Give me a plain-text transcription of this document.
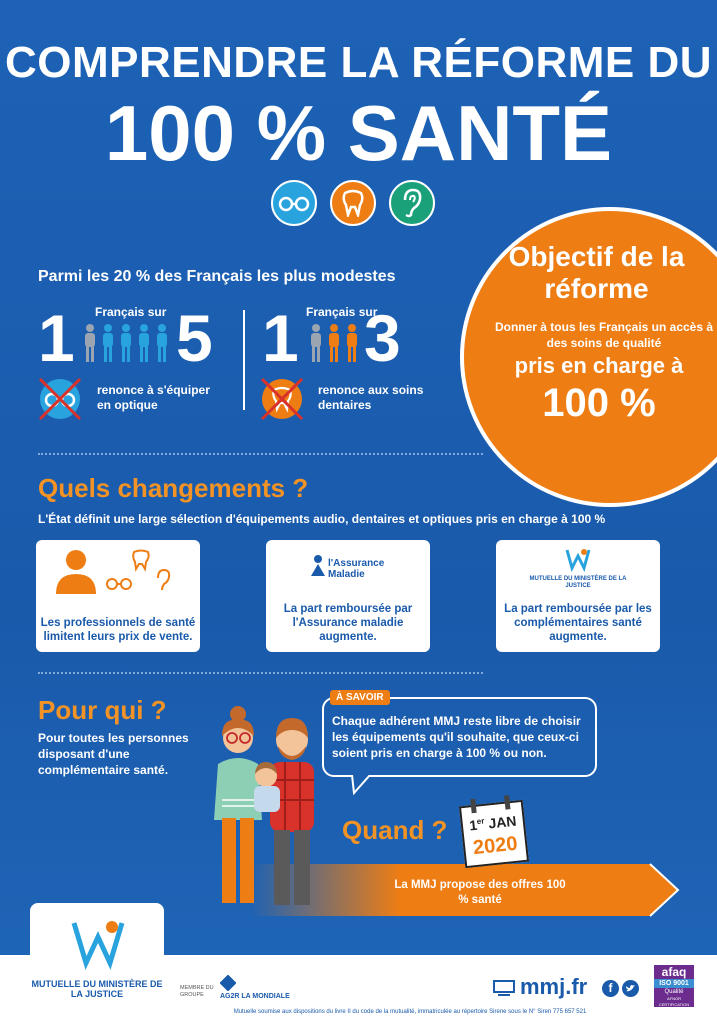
COMPRENDRE LA RÉFORME DU
100 % SANTÉ
Objectif de la réforme
Donner à tous les Français un accès à des soins de qualité
pris en charge à
100 %
Parmi les 20 % des Français les plus modestes
1 Français sur 5
renonce à s'équiper en optique
1 Français sur
3
renonce aux soins dentaires
Quels changements ?
L'État définit une large sélection d'équipements audio, dentaires et optiques pris en charge à 100 %
Les professionnels de santé limitent leurs prix de vente.
l'Assurance Maladie
La part remboursée par l'Assurance maladie augmente.
MUTUELLE DU MINISTÈRE DE LA JUSTICE
La part remboursée par les complémentaires santé augmente.
Pour qui ?
Pour toutes les personnes disposant d'une complémentaire santé.
À SAVOIR
Chaque adhérent MMJ reste libre de choisir les équipements qu'il souhaite, que ceux-ci soient pris en charge à 100 % ou non.
La MMJ propose des offres 100 % santé
Quand ?	1er JAN
2020
MUTUELLE DU MINISTÈRE DE LA JUSTICE
MEMBRE DU GROUPE	AG2R LA MONDIALE	mmj.fr	f
afaq
ISO 9001
Qualité
AFNOR CERTIFICATION
Mutuelle soumise aux dispositions du livre II du code de la mutualité, immatriculée au répertoire Sirene sous le N° Siren 775 657 521
